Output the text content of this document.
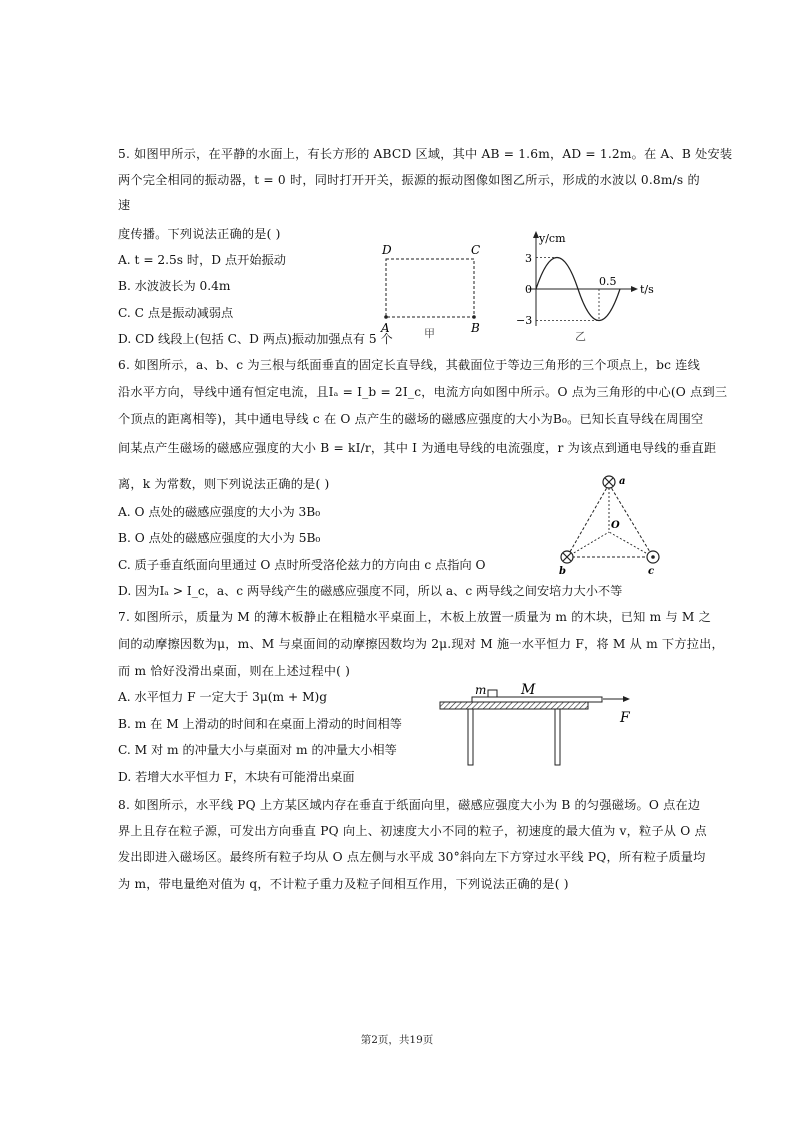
5. 如图甲所示，在平静的水面上，有长方形的 ABCD 区域，其中 AB = 1.6m，AD = 1.2m。在 A、B 处安装
两个完全相同的振动器，t = 0 时，同时打开开关，振源的振动图像如图乙所示，形成的水波以 0.8m/s 的
速
度传播。下列说法正确的是( )
A. t = 2.5s 时，D 点开始振动
B. 水波波长为 0.4m
C. C 点是振动减弱点
D. CD 线段上(包括 C、D 两点)振动加强点有 5 个
D	C
A	B
甲
y/cm
t/s
3
0
−3
0.5
乙
6. 如图所示，a、b、c 为三根与纸面垂直的固定长直导线，其截面位于等边三角形的三个项点上，bc 连线
沿水平方向，导线中通有恒定电流，且Iₐ = I_b = 2I_c，电流方向如图中所示。O 点为三角形的中心(O 点到三
个顶点的距离相等)，其中通电导线 c 在 O 点产生的磁场的磁感应强度的大小为B₀。已知长直导线在周围空
间某点产生磁场的磁感应强度的大小 B = kI/r，其中 I 为通电导线的电流强度，r 为该点到通电导线的垂直距
离，k 为常数，则下列说法正确的是( )
A. O 点处的磁感应强度的大小为 3B₀
B. O 点处的磁感应强度的大小为 5B₀
C. 质子垂直纸面向里通过 O 点时所受洛伦兹力的方向由 c 点指向 O
D. 因为Iₐ > I_c，a、c 两导线产生的磁感应强度不同，所以 a、c 两导线之间安培力大小不等
a
b	c
O
7. 如图所示，质量为 M 的薄木板静止在粗糙水平桌面上，木板上放置一质量为 m 的木块，已知 m 与 M 之
间的动摩擦因数为μ，m、M 与桌面间的动摩擦因数均为 2μ.现对 M 施一水平恒力 F，将 M 从 m 下方拉出，
而 m 恰好没滑出桌面，则在上述过程中( )
A. 水平恒力 F 一定大于 3μ(m + M)g
B. m 在 M 上滑动的时间和在桌面上滑动的时间相等
C. M 对 m 的冲量大小与桌面对 m 的冲量大小相等
D. 若增大水平恒力 F，木块有可能滑出桌面
m M
F
8. 如图所示，水平线 PQ 上方某区域内存在垂直于纸面向里，磁感应强度大小为 B 的匀强磁场。O 点在边
界上且存在粒子源，可发出方向垂直 PQ 向上、初速度大小不同的粒子，初速度的最大值为 v，粒子从 O 点
发出即进入磁场区。最终所有粒子均从 O 点左侧与水平成 30°斜向左下方穿过水平线 PQ，所有粒子质量均
为 m，带电量绝对值为 q，不计粒子重力及粒子间相互作用，下列说法正确的是( )
第2页，共19页
